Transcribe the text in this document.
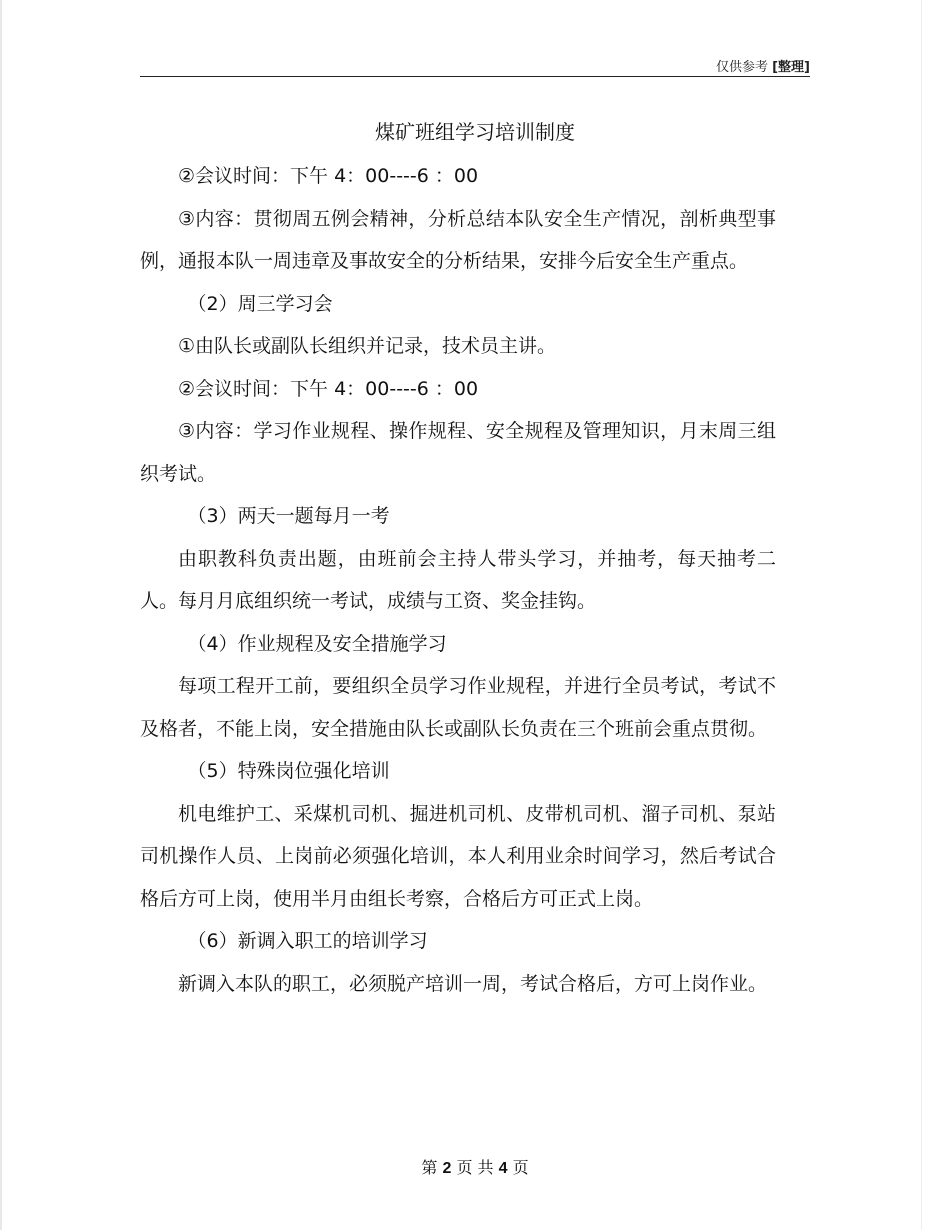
仅供参考 [整理]
煤矿班组学习培训制度

②会议时间：下午 4：00----6 ：00

③内容：贯彻周五例会精神，分析总结本队安全生产情况，剖析典型事例，通报本队一周违章及事故安全的分析结果，安排今后安全生产重点。

（2）周三学习会

①由队长或副队长组织并记录，技术员主讲。

②会议时间：下午 4：00----6 ：00

③内容：学习作业规程、操作规程、安全规程及管理知识，月末周三组织考试。

（3）两天一题每月一考

由职教科负责出题，由班前会主持人带头学习，并抽考，每天抽考二人。每月月底组织统一考试，成绩与工资、奖金挂钩。

（4）作业规程及安全措施学习

每项工程开工前，要组织全员学习作业规程，并进行全员考试，考试不及格者，不能上岗，安全措施由队长或副队长负责在三个班前会重点贯彻。

（5）特殊岗位强化培训

机电维护工、采煤机司机、掘进机司机、皮带机司机、溜子司机、泵站司机操作人员、上岗前必须强化培训，本人利用业余时间学习，然后考试合格后方可上岗，使用半月由组长考察，合格后方可正式上岗。

（6）新调入职工的培训学习

新调入本队的职工，必须脱产培训一周，考试合格后，方可上岗作业。

第 2 页 共 4 页
